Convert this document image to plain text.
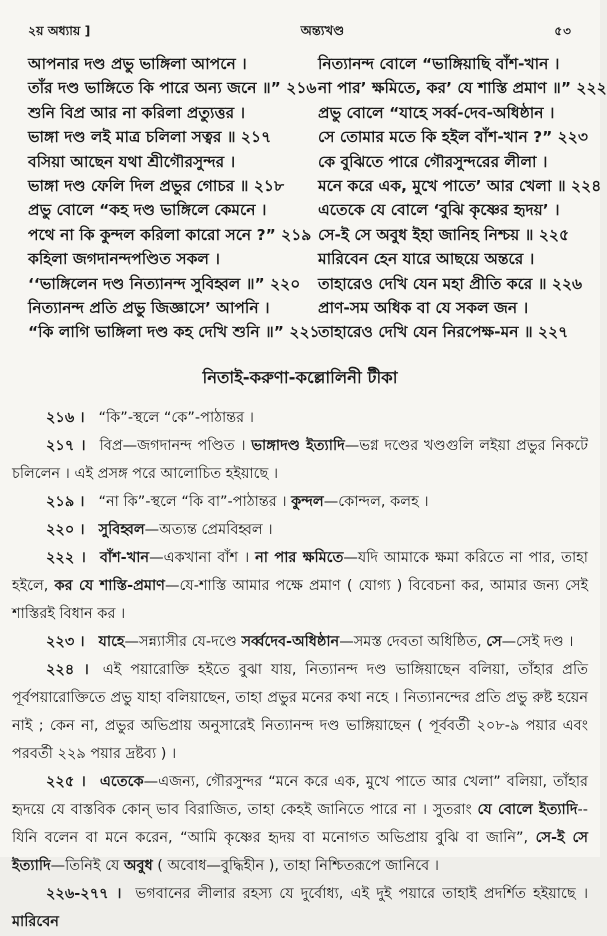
২য় অধ্যায় ]	অন্ত্যখণ্ড	৫৩
আপনার দণ্ড প্রভু ভাঙ্গিলা আপনে ।
তাঁর দণ্ড ভাঙ্গিতে কি পারে অন্য জনে ॥” ২১৬
শুনি বিপ্র আর না করিলা প্রত্যুত্তর ।
ভাঙ্গা দণ্ড লই মাত্র চলিলা সত্বর ॥ ২১৭
বসিয়া আছেন যথা শ্রীগৌরসুন্দর ।
ভাঙ্গা দণ্ড ফেলি দিল প্রভুর গোচর ॥ ২১৮
প্রভু বোলে “কহ দণ্ড ভাঙ্গিলে কেমনে ।
পথে না কি কুন্দল করিলা কারো সনে ?” ২১৯
কহিলা জগদানন্দপণ্ডিত সকল ।
‘‘ভাঙ্গিলেন দণ্ড নিত্যানন্দ সুবিহ্বল ॥” ২২০
নিত্যানন্দ প্রতি প্রভু জিজ্ঞাসে’ আপনি ।
“কি লাগি ভাঙ্গিলা দণ্ড কহ দেখি শুনি ॥” ২২১
নিত্যানন্দ বোলে “ভাঙ্গিয়াছি বাঁশ-খান ।
না পার’ ক্ষমিতে, কর’ যে শাস্তি প্রমাণ ॥” ২২২
প্রভু বোলে “যাহে সর্ব্ব-দেব-অধিষ্ঠান ।
সে তোমার মতে কি হইল বাঁশ-খান ?” ২২৩
কে বুঝিতে পারে গৌরসুন্দরের লীলা ।
মনে করে এক, মুখে পাতে’ আর খেলা ॥ ২২৪
এতেকে যে বোলে ‘বুঝি কৃষ্ণের হৃদয়’ ।
সে-ই সে অবুধ ইহা জানিহ নিশ্চয় ॥ ২২৫
মারিবেন হেন যারে আছয়ে অন্তরে ।
তাহারেও দেখি যেন মহা প্রীতি করে ॥ ২২৬
প্রাণ-সম অধিক বা যে সকল জন ।
তাহারেও দেখি যেন নিরপেক্ষ-মন ॥ ২২৭
নিতাই-করুণা-কল্লোলিনী টীকা

২১৬ । “কি”-স্থলে “কে”-পাঠান্তর ।

২১৭ । বিপ্র—জগদানন্দ পণ্ডিত । ভাঙ্গাদণ্ড ইত্যাদি—ভগ্ন দণ্ডের খণ্ডগুলি লইয়া প্রভুর নিকটে চলিলেন । এই প্রসঙ্গ পরে আলোচিত হইয়াছে ।

২১৯ । “না কি”-স্থলে “কি বা”-পাঠান্তর । কুন্দল—কোন্দল, কলহ ।

২২০ । সুবিহ্বল—অত্যন্ত প্রেমবিহ্বল ।

২২২ । বাঁশ-খান—একখানা বাঁশ । না পার ক্ষমিতে—যদি আমাকে ক্ষমা করিতে না পার, তাহা হইলে, কর যে শাস্তি-প্রমাণ—যে-শাস্তি আমার পক্ষে প্রমাণ ( যোগ্য ) বিবেচনা কর, আমার জন্য সেই শাস্তিরই বিধান কর ।

২২৩ । যাহে—সন্ন্যাসীর যে-দণ্ডে সর্ব্বদেব-অধিষ্ঠান—সমস্ত দেবতা অধিষ্ঠিত, সে—সেই দণ্ড ।

২২৪ । এই পয়ারোক্তি হইতে বুঝা যায়, নিত্যানন্দ দণ্ড ভাঙ্গিয়াছেন বলিয়া, তাঁহার প্রতি পূর্বপয়ারোক্তিতে প্রভু যাহা বলিয়াছেন, তাহা প্রভুর মনের কথা নহে । নিত্যানন্দের প্রতি প্রভু রুষ্ট হয়েন নাই ; কেন না, প্রভুর অভিপ্রায় অনুসারেই নিত্যানন্দ দণ্ড ভাঙ্গিয়াছেন ( পূর্ববর্তী ২০৮-৯ পয়ার এবং পরবর্তী ২২৯ পয়ার দ্রষ্টব্য ) ।

২২৫ । এতেকে—এজন্য, গৌরসুন্দর “মনে করে এক, মুখে পাতে আর খেলা” বলিয়া, তাঁহার হৃদয়ে যে বাস্তবিক কোন্ ভাব বিরাজিত, তাহা কেহই জানিতে পারে না । সুতরাং যে বোলে ইত্যাদি--যিনি বলেন বা মনে করেন, “আমি কৃষ্ণের হৃদয় বা মনোগত অভিপ্রায় বুঝি বা জানি”, সে-ই সে ইত্যাদি—তিনিই যে অবুধ ( অবোধ—বুদ্ধিহীন ), তাহা নিশ্চিতরূপে জানিবে ।

২২৬-২৭৭ । ভগবানের লীলার রহস্য যে দুর্বোধ্য, এই দুই পয়ারে তাহাই প্রদর্শিত হইয়াছে । মারিবেন
